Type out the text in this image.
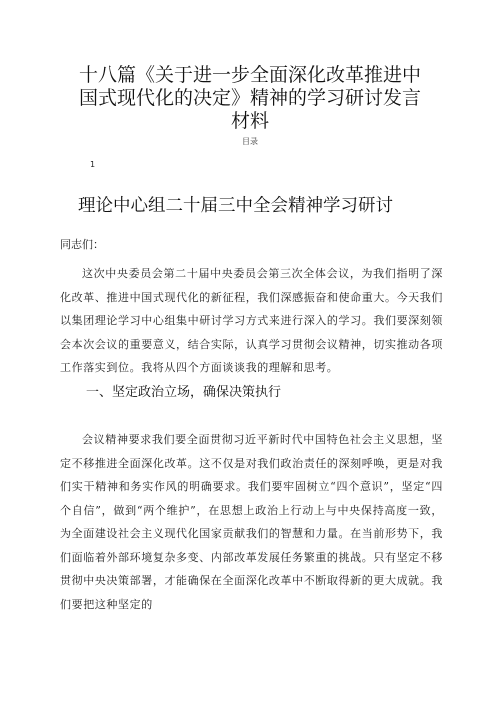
十八篇《关于进一步全面深化改革推进中国式现代化的决定》精神的学习研讨发言材料
目录
1
理论中心组二十届三中全会精神学习研讨

同志们：

这次中央委员会第二十届中央委员会第三次全体会议，为我们指明了深化改革、推进中国式现代化的新征程，我们深感振奋和使命重大。今天我们以集团理论学习中心组集中研讨学习方式来进行深入的学习。我们要深刻领会本次会议的重要意义，结合实际，认真学习贯彻会议精神，切实推动各项工作落实到位。我将从四个方面谈谈我的理解和思考。

一、坚定政治立场，确保决策执行

会议精神要求我们要全面贯彻习近平新时代中国特色社会主义思想，坚定不移推进全面深化改革。这不仅是对我们政治责任的深刻呼唤，更是对我们实干精神和务实作风的明确要求。我们要牢固树立“四个意识”，坚定“四个自信”，做到“两个维护”，在思想上政治上行动上与中央保持高度一致，为全面建设社会主义现代化国家贡献我们的智慧和力量。在当前形势下，我们面临着外部环境复杂多变、内部改革发展任务繁重的挑战。只有坚定不移贯彻中央决策部署，才能确保在全面深化改革中不断取得新的更大成就。我们要把这种坚定的
